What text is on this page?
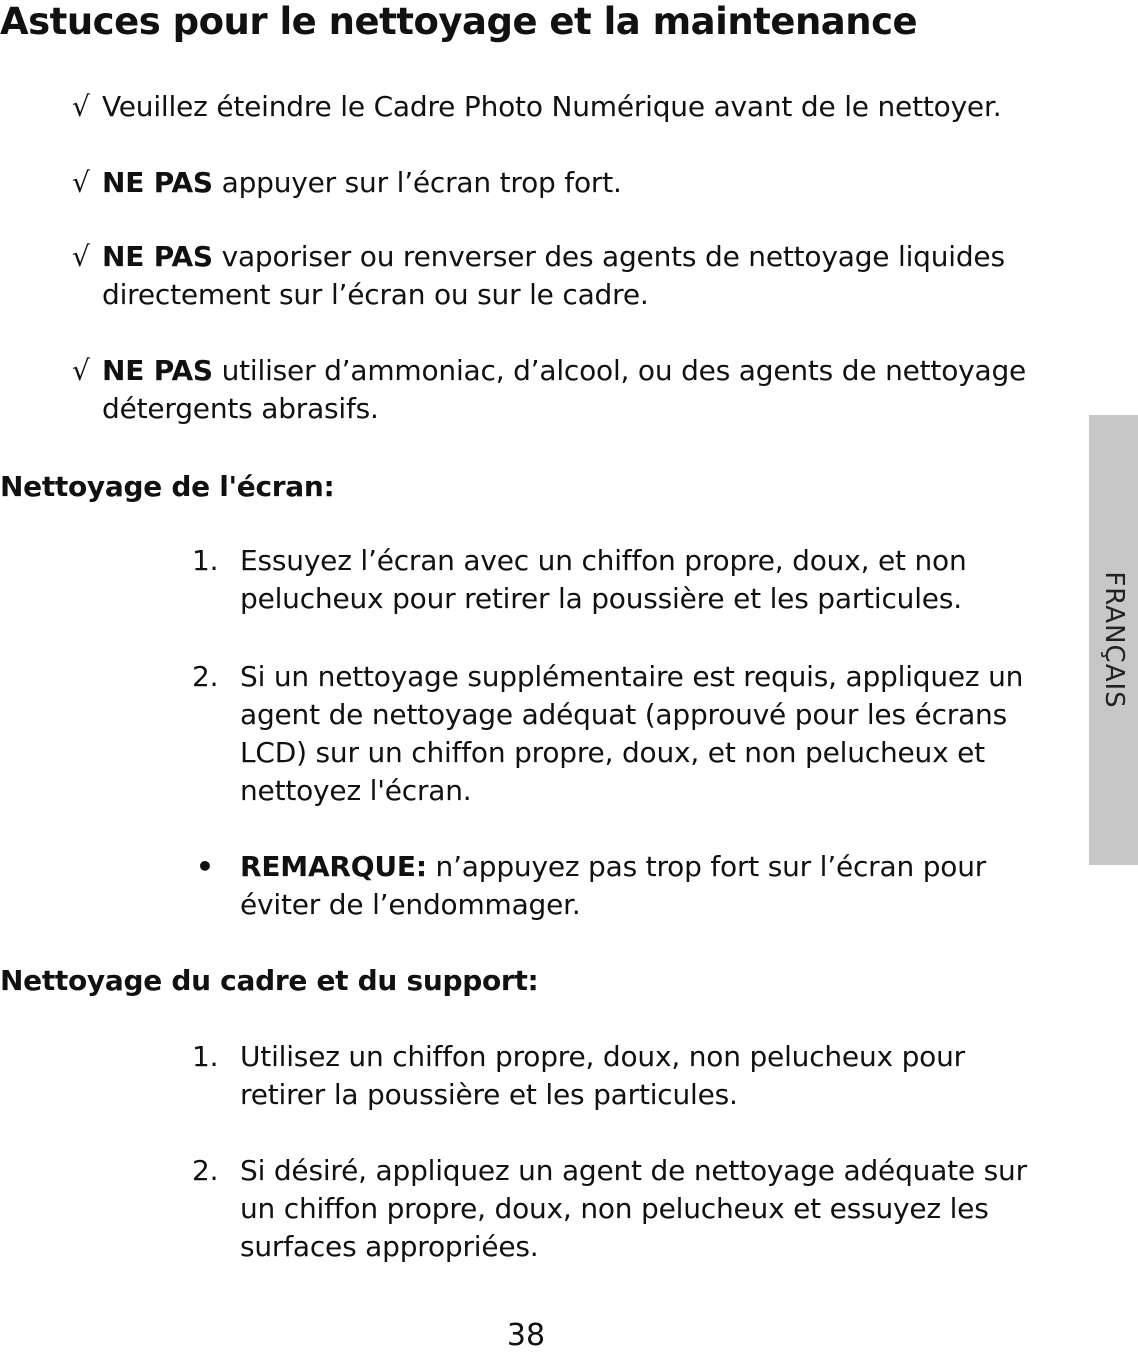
Astuces pour le nettoyage et la maintenance
√ Veuillez éteindre le Cadre Photo Numérique avant de le nettoyer.
√ NE PAS appuyer sur l’écran trop fort.
√ NE PAS vaporiser ou renverser des agents de nettoyage liquides directement sur l’écran ou sur le cadre.
√ NE PAS utiliser d’ammoniac, d’alcool, ou des agents de nettoyage détergents abrasifs.
Nettoyage de l'écran:
1. Essuyez l’écran avec un chiffon propre, doux, et non pelucheux pour retirer la poussière et les particules.
2. Si un nettoyage supplémentaire est requis, appliquez un agent de nettoyage adéquat (approuvé pour les écrans LCD) sur un chiffon propre, doux, et non pelucheux et nettoyez l'écran.
• REMARQUE: n’appuyez pas trop fort sur l’écran pour éviter de l’endommager.
Nettoyage du cadre et du support:
1. Utilisez un chiffon propre, doux, non pelucheux pour retirer la poussière et les particules.
2. Si désiré, appliquez un agent de nettoyage adéquate sur un chiffon propre, doux, non pelucheux et essuyez les surfaces appropriées.
38
FRANÇAIS
